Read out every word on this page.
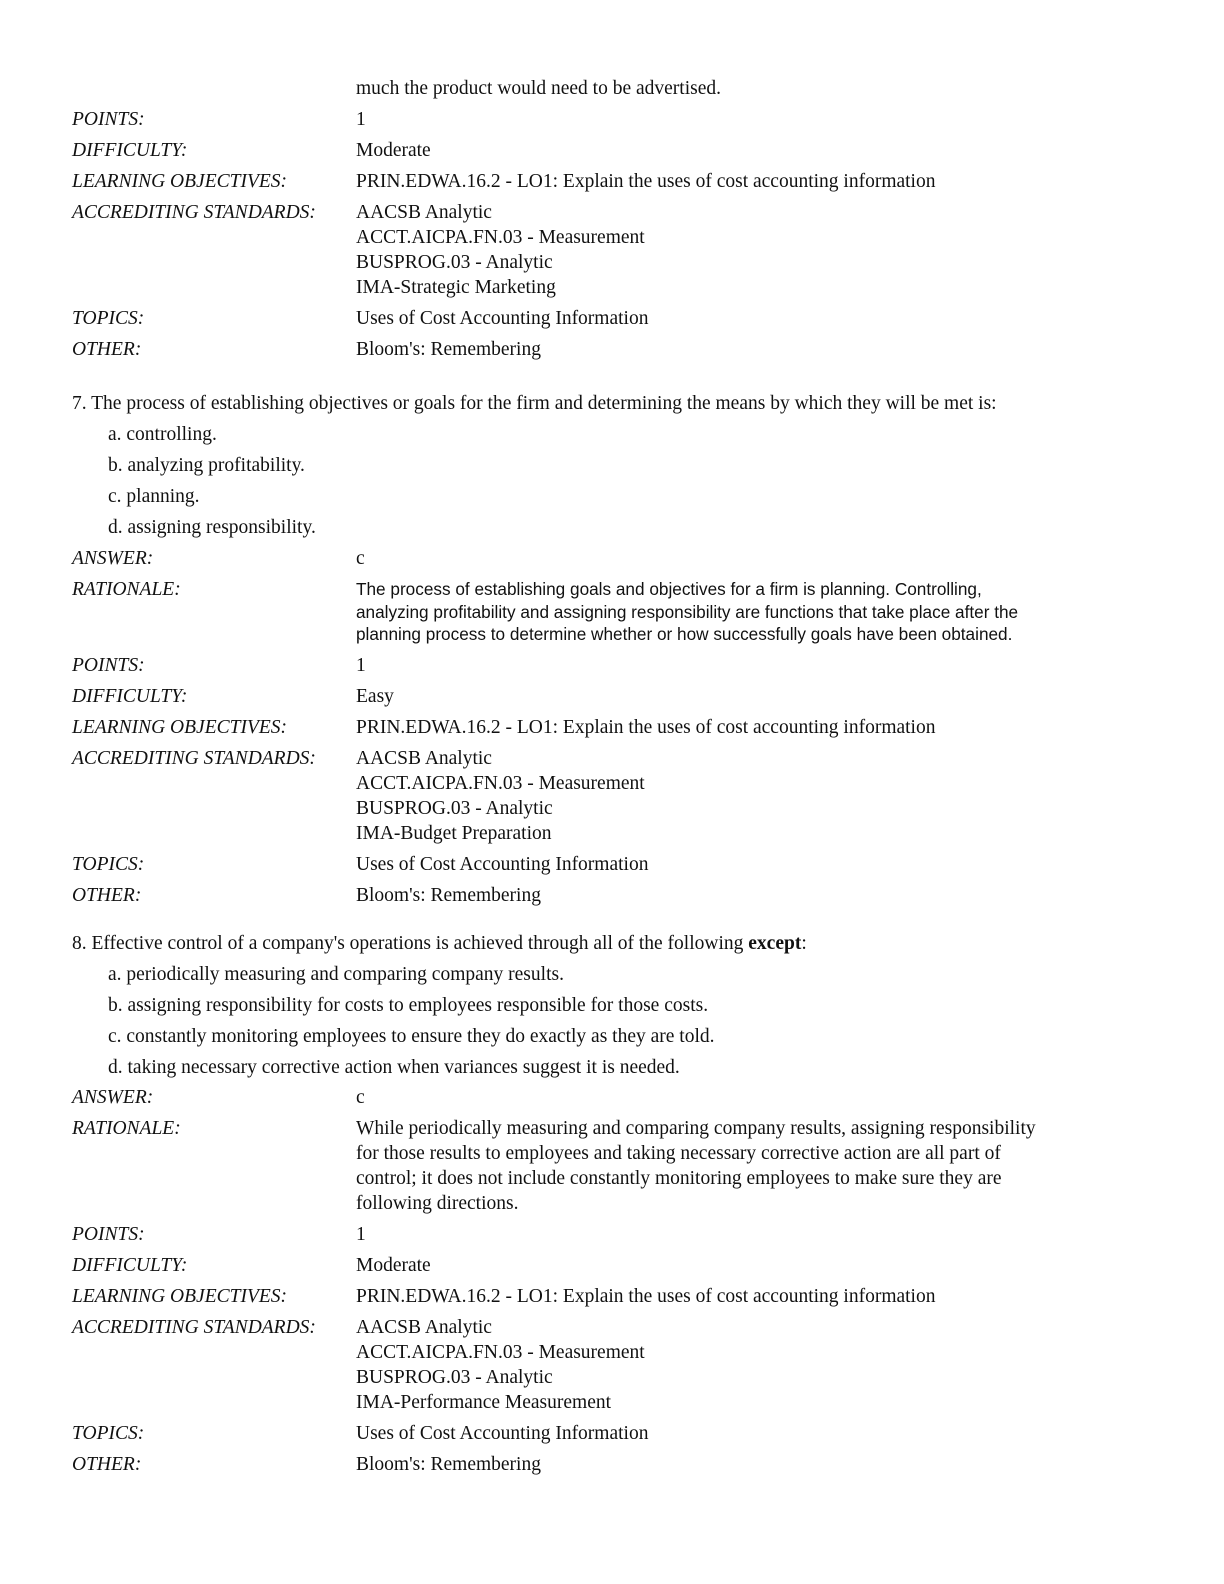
much the product would need to be advertised.
POINTS:	1
DIFFICULTY:	Moderate
LEARNING OBJECTIVES:	PRIN.EDWA.16.2 - LO1: Explain the uses of cost accounting information
ACCREDITING STANDARDS:	AACSB Analytic
ACCT.AICPA.FN.03 - Measurement
BUSPROG.03 - Analytic
IMA-Strategic Marketing
TOPICS:	Uses of Cost Accounting Information
OTHER:	Bloom's: Remembering
7. The process of establishing objectives or goals for the firm and determining the means by which they will be met is:
a. controlling.
b. analyzing profitability.
c. planning.
d. assigning responsibility.
ANSWER:	c
RATIONALE:	The process of establishing goals and objectives for a firm is planning. Controlling,
analyzing profitability and assigning responsibility are functions that take place after the
planning process to determine whether or how successfully goals have been obtained.
POINTS:	1
DIFFICULTY:	Easy
LEARNING OBJECTIVES:	PRIN.EDWA.16.2 - LO1: Explain the uses of cost accounting information
ACCREDITING STANDARDS:	AACSB Analytic
ACCT.AICPA.FN.03 - Measurement
BUSPROG.03 - Analytic
IMA-Budget Preparation
TOPICS:	Uses of Cost Accounting Information
OTHER:	Bloom's: Remembering
8. Effective control of a company's operations is achieved through all of the following except:
a. periodically measuring and comparing company results.
b. assigning responsibility for costs to employees responsible for those costs.
c. constantly monitoring employees to ensure they do exactly as they are told.
d. taking necessary corrective action when variances suggest it is needed.
ANSWER:	c
RATIONALE:	While periodically measuring and comparing company results, assigning responsibility
for those results to employees and taking necessary corrective action are all part of
control; it does not include constantly monitoring employees to make sure they are
following directions.
POINTS:	1
DIFFICULTY:	Moderate
LEARNING OBJECTIVES:	PRIN.EDWA.16.2 - LO1: Explain the uses of cost accounting information
ACCREDITING STANDARDS:	AACSB Analytic
ACCT.AICPA.FN.03 - Measurement
BUSPROG.03 - Analytic
IMA-Performance Measurement
TOPICS:	Uses of Cost Accounting Information
OTHER:	Bloom's: Remembering
